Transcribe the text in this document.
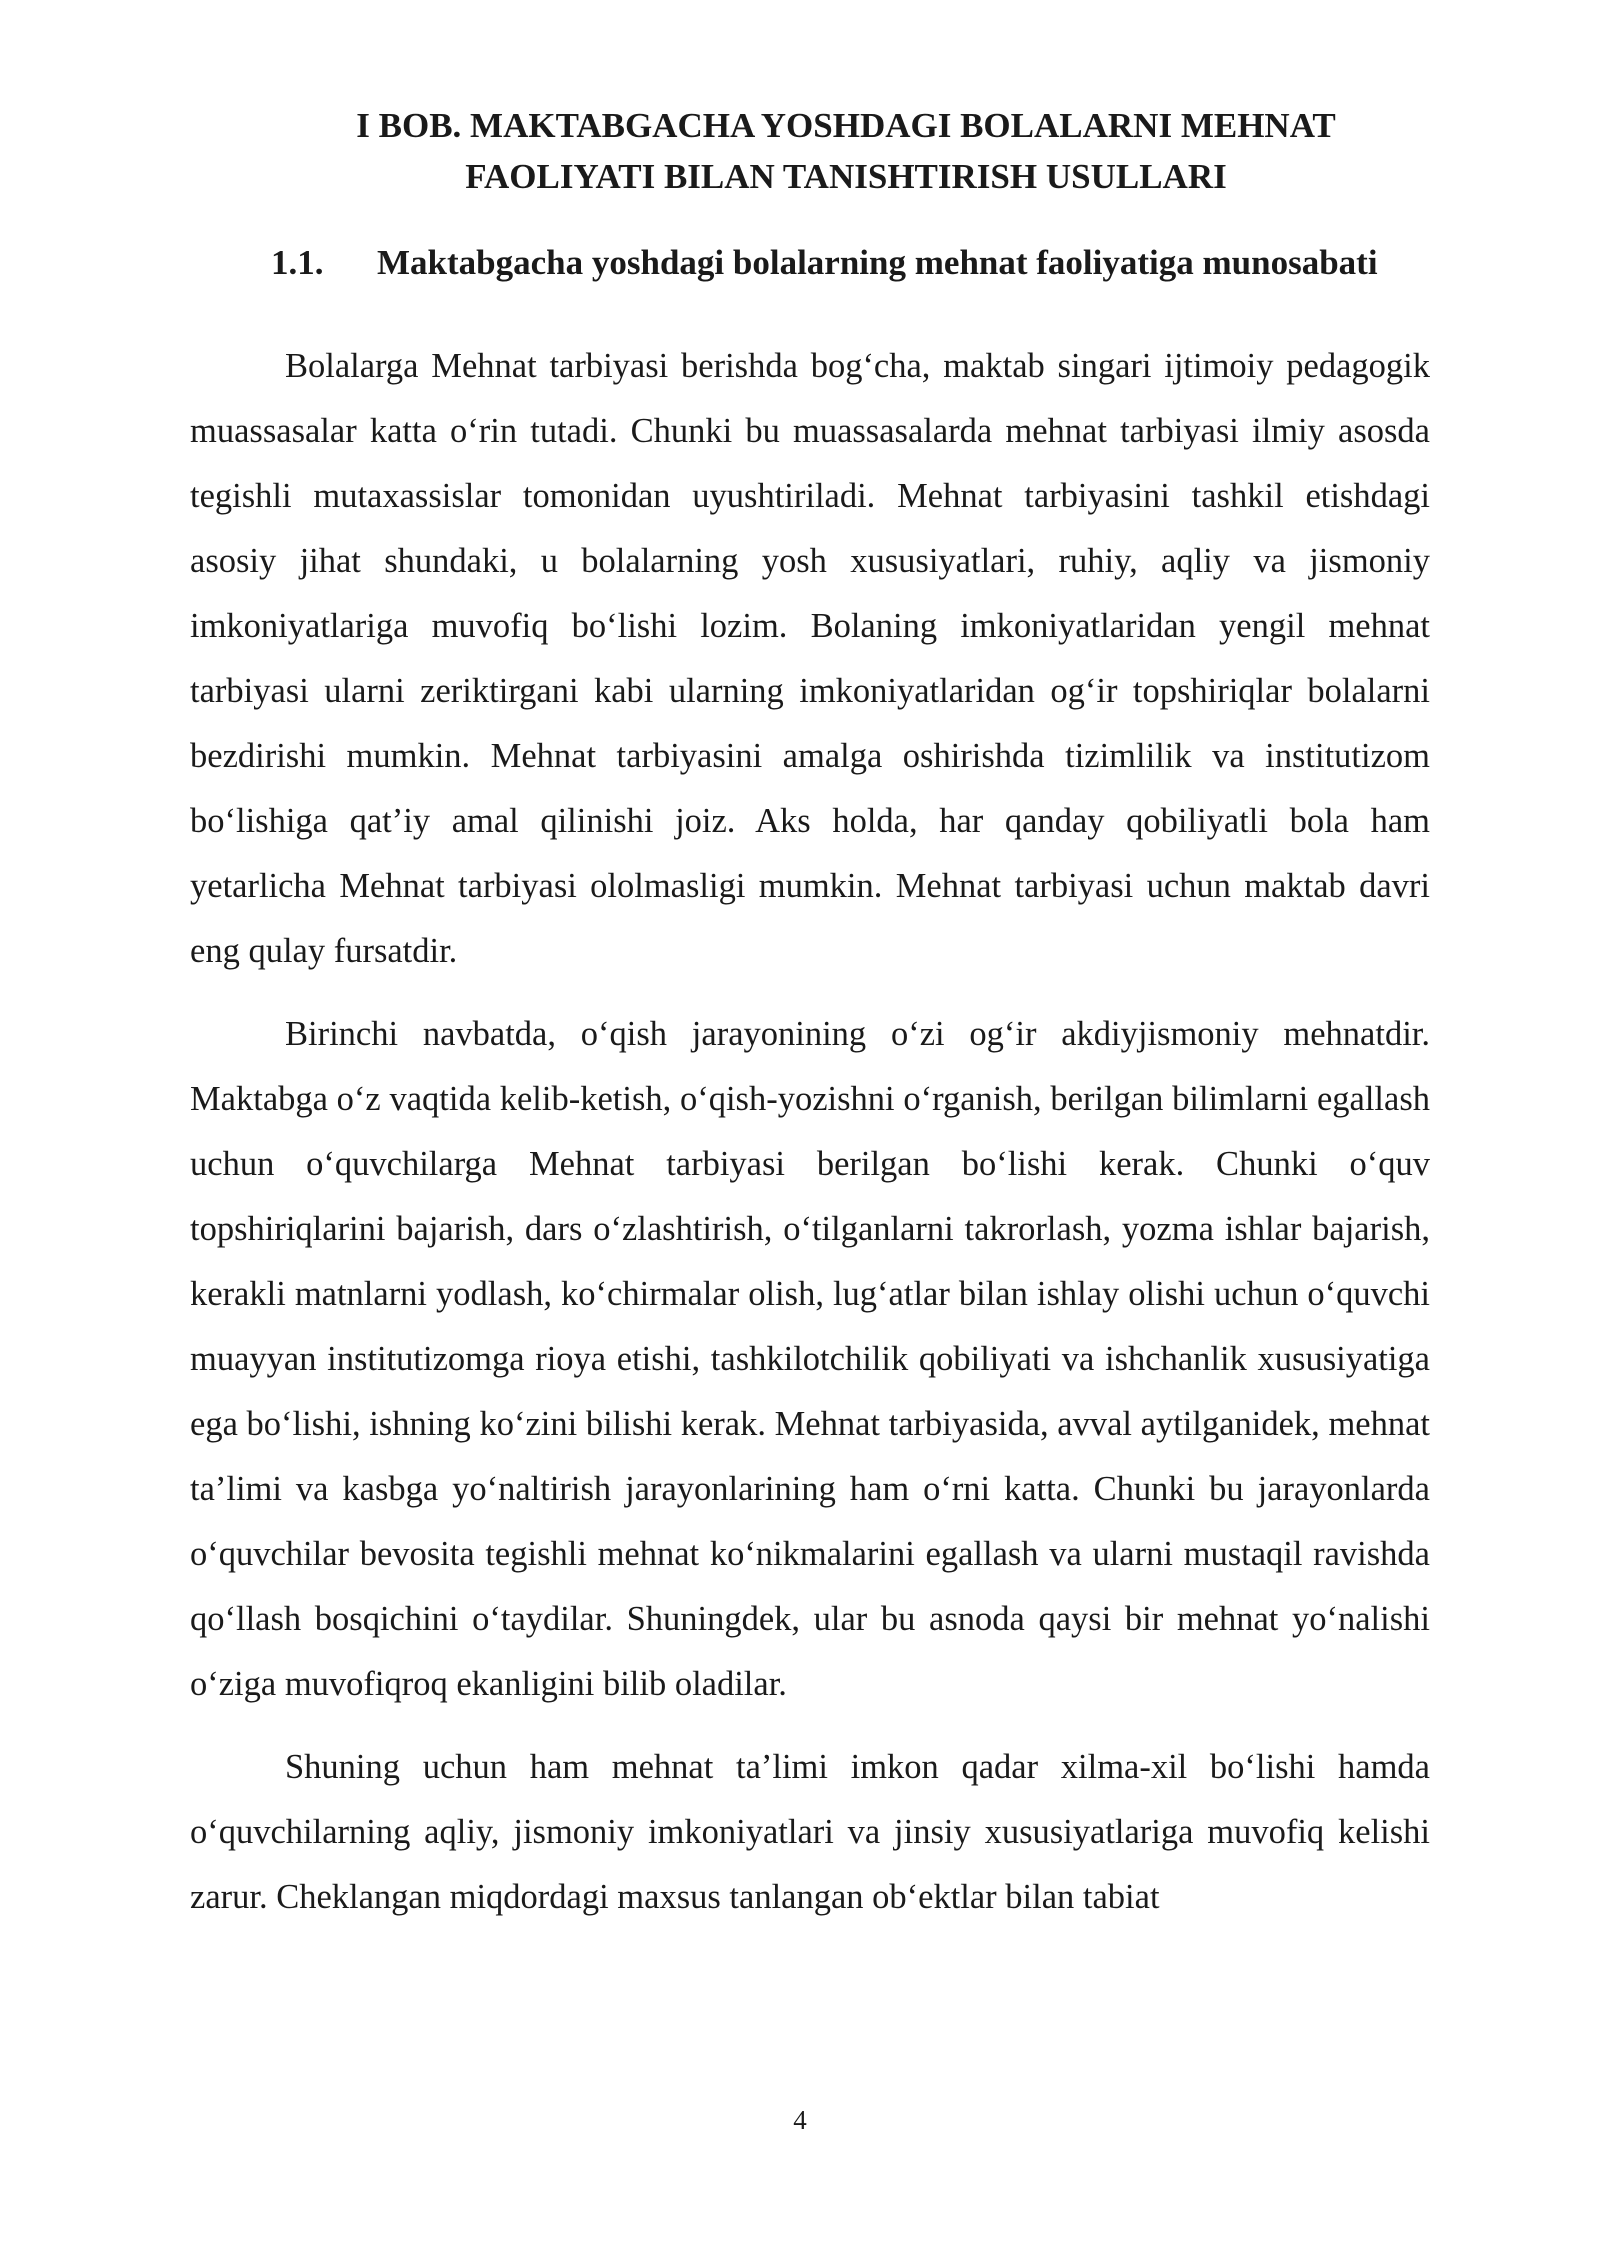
I BOB. MAKTABGACHA YOSHDAGI BOLALARNI MEHNAT
FAOLIYATI BILAN TANISHTIRISH USULLARI
1.1. Maktabgacha yoshdagi bolalarning mehnat faoliyatiga munosabati

Bolalarga Mehnat tarbiyasi berishda bog‘cha, maktab singari ijtimoiy pedagogik muassasalar katta o‘rin tutadi. Chunki bu muassasalarda mehnat tarbiyasi ilmiy asosda tegishli mutaxassislar tomonidan uyushtiriladi. Mehnat tarbiyasini tashkil etishdagi asosiy jihat shundaki, u bolalarning yosh xususiyatlari, ruhiy, aqliy va jismoniy imkoniyatlariga muvofiq bo‘lishi lozim. Bolaning imkoniyatlaridan yengil mehnat tarbiyasi ularni zeriktirgani kabi ularning imkoniyatlaridan og‘ir topshiriqlar bolalarni bezdirishi mumkin. Mehnat tarbiyasini amalga oshirishda tizimlilik va institutizom bo‘lishiga qat’iy amal qilinishi joiz. Aks holda, har qanday qobiliyatli bola ham yetarlicha Mehnat tarbiyasi ololmasligi mumkin. Mehnat tarbiyasi uchun maktab davri eng qulay fursatdir.

Birinchi navbatda, o‘qish jarayonining o‘zi og‘ir akdiyjismoniy mehnatdir. Maktabga o‘z vaqtida kelib-ketish, o‘qish-yozishni o‘rganish, berilgan bilimlarni egallash uchun o‘quvchilarga Mehnat tarbiyasi berilgan bo‘lishi kerak. Chunki o‘quv topshiriqlarini bajarish, dars o‘zlashtirish, o‘tilganlarni takrorlash, yozma ishlar bajarish, kerakli matnlarni yodlash, ko‘chirmalar olish, lug‘atlar bilan ishlay olishi uchun o‘quvchi muayyan institutizomga rioya etishi, tashkilotchilik qobiliyati va ishchanlik xususiyatiga ega bo‘lishi, ishning ko‘zini bilishi kerak. Mehnat tarbiyasida, avval aytilganidek, mehnat ta’limi va kasbga yo‘naltirish jarayonlarining ham o‘rni katta. Chunki bu jarayonlarda o‘quvchilar bevosita tegishli mehnat ko‘nikmalarini egallash va ularni mustaqil ravishda qo‘llash bosqichini o‘taydilar. Shuningdek, ular bu asnoda qaysi bir mehnat yo‘nalishi o‘ziga muvofiqroq ekanligini bilib oladilar.

Shuning uchun ham mehnat ta’limi imkon qadar xilma-xil bo‘lishi hamda o‘quvchilarning aqliy, jismoniy imkoniyatlari va jinsiy xususiyatlariga muvofiq kelishi zarur. Cheklangan miqdordagi maxsus tanlangan ob‘ektlar bilan tabiat

4
